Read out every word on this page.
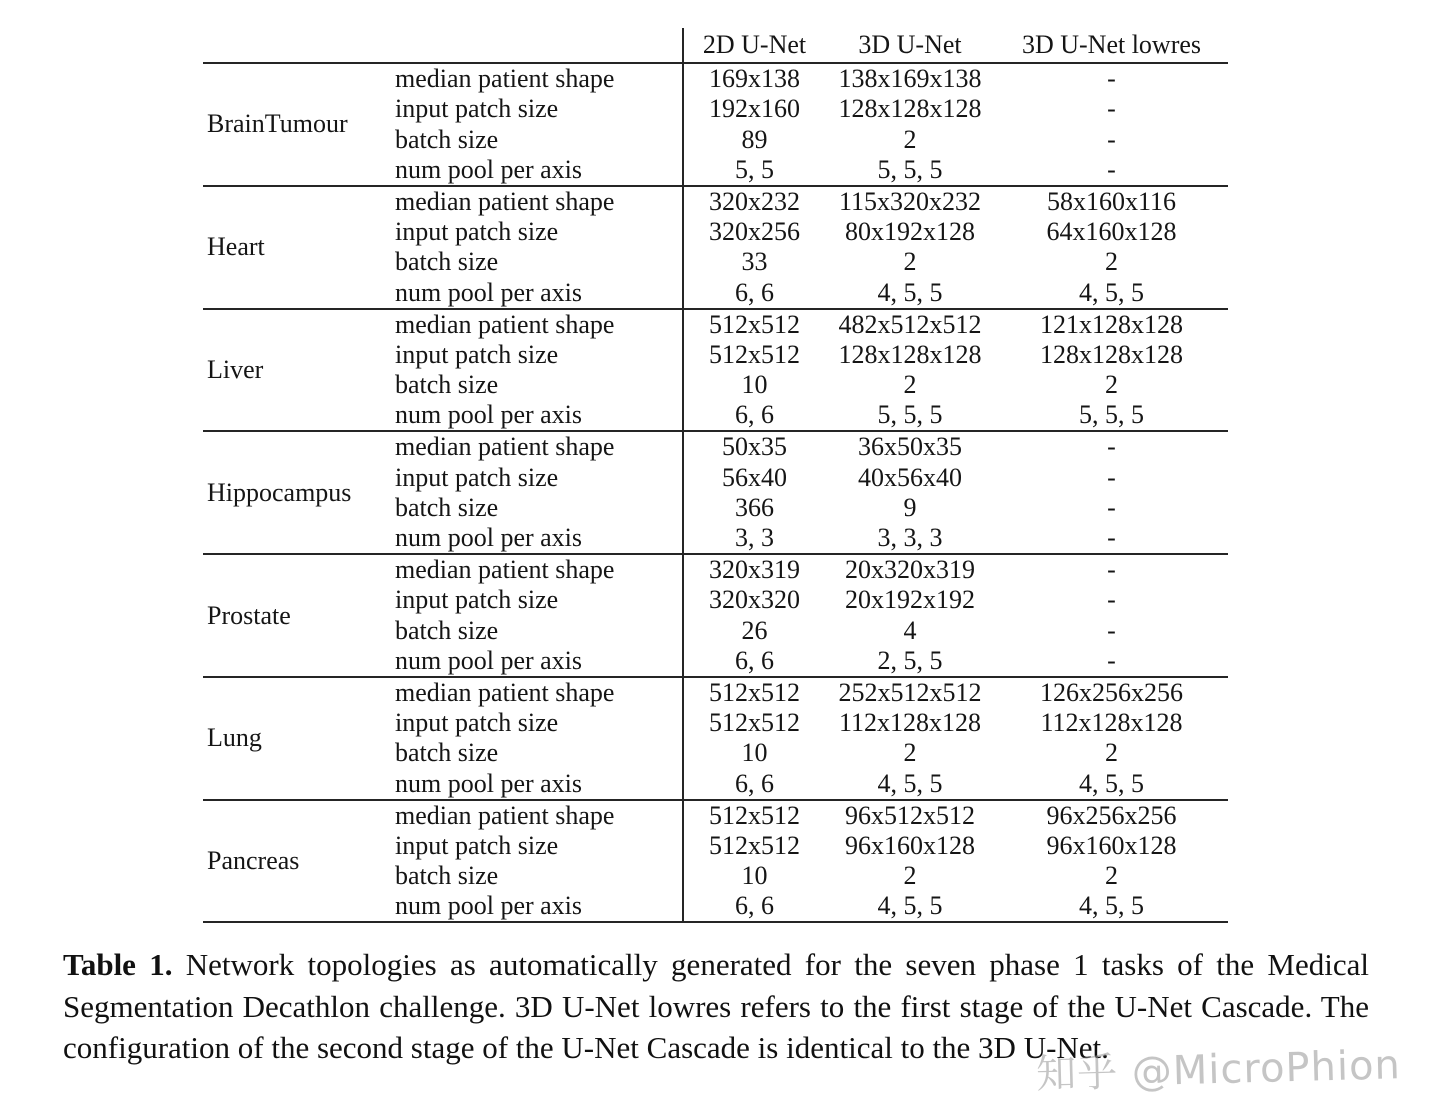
		2D U-Net	3D U-Net	3D U-Net lowres
BrainTumour	median patient shape	169x138	138x169x138	-
	input patch size	192x160	128x128x128	-
	batch size	89	2	-
	num pool per axis	5, 5	5, 5, 5	-
Heart	median patient shape	320x232	115x320x232	58x160x116
	input patch size	320x256	80x192x128	64x160x128
	batch size	33	2	2
	num pool per axis	6, 6	4, 5, 5	4, 5, 5
Liver	median patient shape	512x512	482x512x512	121x128x128
	input patch size	512x512	128x128x128	128x128x128
	batch size	10	2	2
	num pool per axis	6, 6	5, 5, 5	5, 5, 5
Hippocampus	median patient shape	50x35	36x50x35	-
	input patch size	56x40	40x56x40	-
	batch size	366	9	-
	num pool per axis	3, 3	3, 3, 3	-
Prostate	median patient shape	320x319	20x320x319	-
	input patch size	320x320	20x192x192	-
	batch size	26	4	-
	num pool per axis	6, 6	2, 5, 5	-
Lung	median patient shape	512x512	252x512x512	126x256x256
	input patch size	512x512	112x128x128	112x128x128
	batch size	10	2	2
	num pool per axis	6, 6	4, 5, 5	4, 5, 5
Pancreas	median patient shape	512x512	96x512x512	96x256x256
	input patch size	512x512	96x160x128	96x160x128
	batch size	10	2	2
	num pool per axis	6, 6	4, 5, 5	4, 5, 5

Table 1. Network topologies as automatically generated for the seven phase 1 tasks of the Medical Segmentation Decathlon challenge. 3D U-Net lowres refers to the first stage of the U-Net Cascade. The configuration of the second stage of the U-Net Cascade is identical to the 3D U-Net.

知乎 @MicroPhion
